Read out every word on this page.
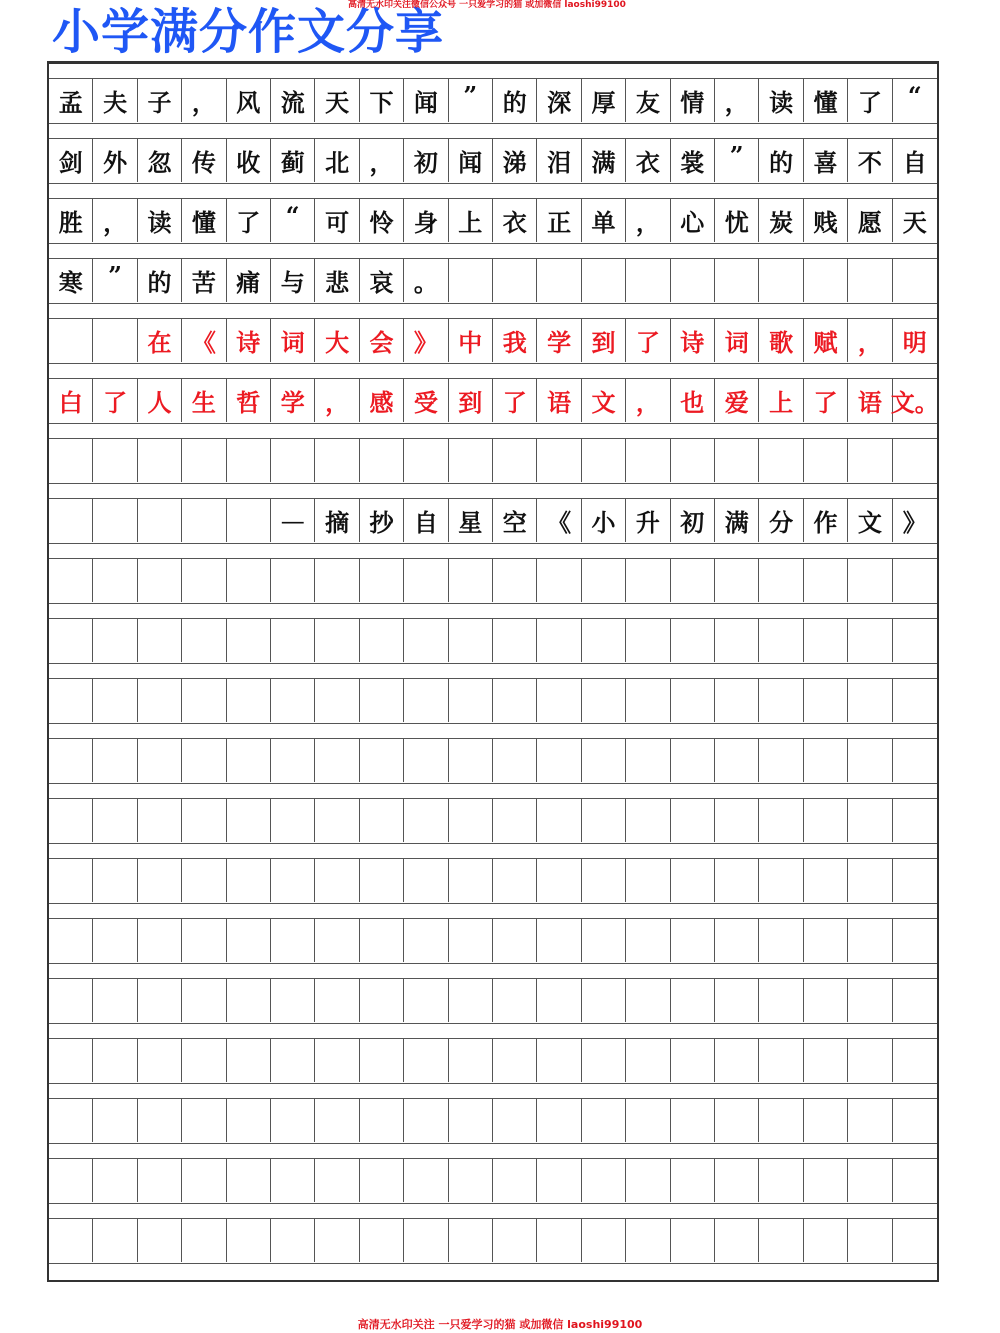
小学满分作文分享
高清无水印关注微信公众号 一只爱学习的猫 或加微信 laoshi99100
孟 夫 子 ， 风 流 天 下 闻	”	的 深 厚 友 情 ， 读 懂 了	“
剑 外 忽 传 收 蓟 北 ， 初 闻 涕 泪 满 衣 裳	”	的 喜 不 自
胜 ， 读 懂 了	“	可 怜 身 上 衣 正 单 ， 心 忧 炭 贱 愿 天
寒	”	的 苦 痛 与 悲 哀 。
在 《 诗 词 大 会 》 中 我 学 到 了 诗 词 歌 赋 ， 明
白 了 人 生 哲 学 ， 感 受 到 了 语 文 ， 也 爱 上 了 语 文。
— 摘 抄 自 星 空 《 小 升 初 满 分 作 文 》
高清无水印关注 一只爱学习的猫 或加微信 laoshi99100
